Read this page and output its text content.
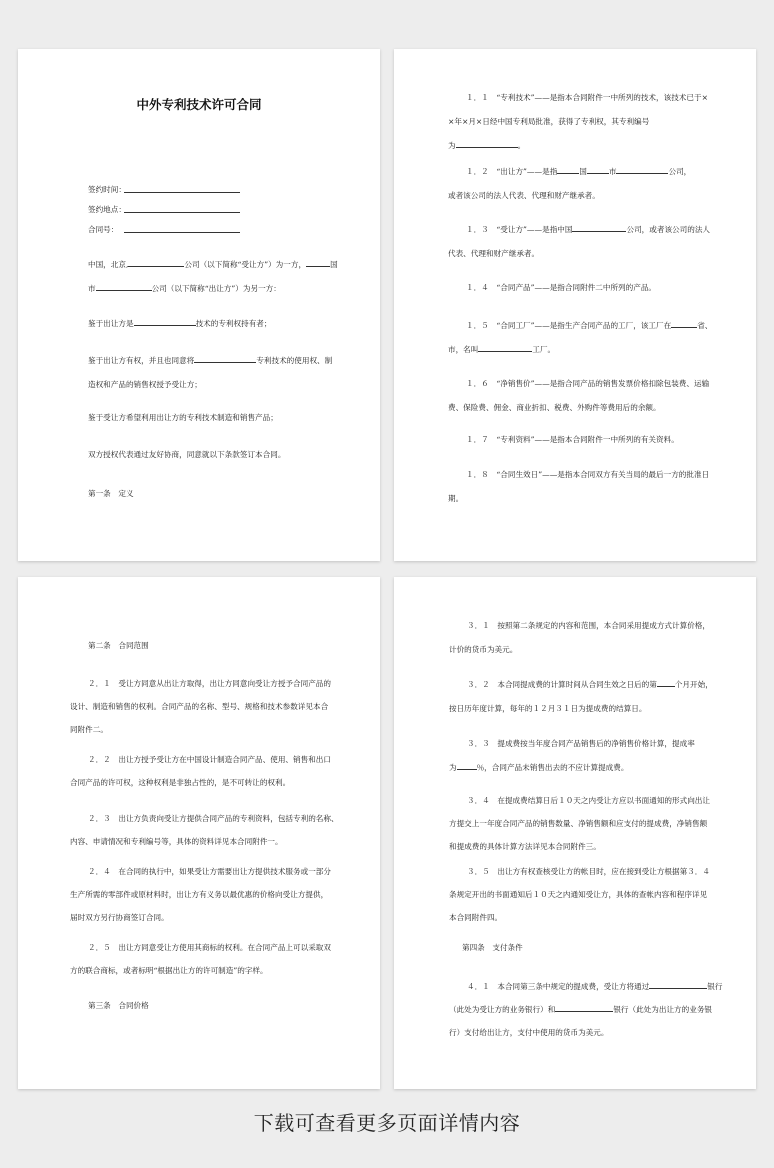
中外专利技术许可合同
签约时间：
签约地点：
合同号：
中国，北京,	公司（以下简称“受让方”）为一方，	国
市	公司（以下简称“出让方”）为另一方：
鉴于出让方是	技术的专利权持有者；
鉴于出让方有权，并且也同意将	专利技术的使用权、制
造权和产品的销售权授予受让方；
鉴于受让方希望利用出让方的专利技术制造和销售产品；
双方授权代表通过友好协商，同意就以下条款签订本合同。
第一条　定义
１．１　“专利技术”——是指本合同附件一中所列的技术，该技术已于×
×年×月×日经中国专利局批准，获得了专利权，其专利编号
为	。
１．２　“出让方”——是指	国	市	公司，
或者该公司的法人代表、代理和财产继承者。
１．３　“受让方”——是指中国	公司，或者该公司的法人
代表、代理和财产继承者。
１．４　“合同产品”——是指合同附件二中所列的产品。
１．５　“合同工厂”——是指生产合同产品的工厂，该工厂在	省、
市，名叫	工厂。
１．６　“净销售价”——是指合同产品的销售发票价格扣除包装费、运输
费、保险费、佣金、商业折扣、税费、外购件等费用后的余额。
１．７　“专利资料”——是指本合同附件一中所列的有关资料。
１．８　“合同生效日”——是指本合同双方有关当局的最后一方的批准日
期。
第二条　合同范围
２．１　受让方同意从出让方取得，出让方同意向受让方授予合同产品的
设计、制造和销售的权利。合同产品的名称、型号、规格和技术参数详见本合
同附件二。
２．２　出让方授予受让方在中国设计制造合同产品、使用、销售和出口
合同产品的许可权，这种权利是非独占性的，是不可转让的权利。
２．３　出让方负责向受让方提供合同产品的专利资料，包括专利的名称、
内容、申请情况和专利编号等，具体的资料详见本合同附件一。
２．４　在合同的执行中，如果受让方需要出让方提供技术服务或一部分
生产所需的零部件或原材料时，出让方有义务以最优惠的价格向受让方提供，
届时双方另行协商签订合同。
２．５　出让方同意受让方使用其商标的权利。在合同产品上可以采取双
方的联合商标，或者标明“根据出让方的许可制造”的字样。
第三条　合同价格
３．１　按照第二条规定的内容和范围，本合同采用提成方式计算价格，
计价的货币为美元。
３．２　本合同提成费的计算时间从合同生效之日后的第 个月开始，
按日历年度计算，每年的１２月３１日为提成费的结算日。
３．３　提成费按当年度合同产品销售后的净销售价格计算，提成率
为	％，合同产品未销售出去的不应计算提成费。
３．４　在提成费结算日后１０天之内受让方应以书面通知的形式向出让
方提交上一年度合同产品的销售数量、净销售额和应支付的提成费，净销售额
和提成费的具体计算方法详见本合同附件三。
３．５　出让方有权查核受让方的帐目时，应在接到受让方根据第３．４
条规定开出的书面通知后１０天之内通知受让方，具体的查帐内容和程序详见
本合同附件四。
第四条　支付条件
４．１　本合同第三条中规定的提成费，受让方将通过	银行
（此处为受让方的业务银行）和	银行（此处为出让方的业务银
行）支付给出让方，支付中使用的货币为美元。
下载可查看更多页面详情内容
